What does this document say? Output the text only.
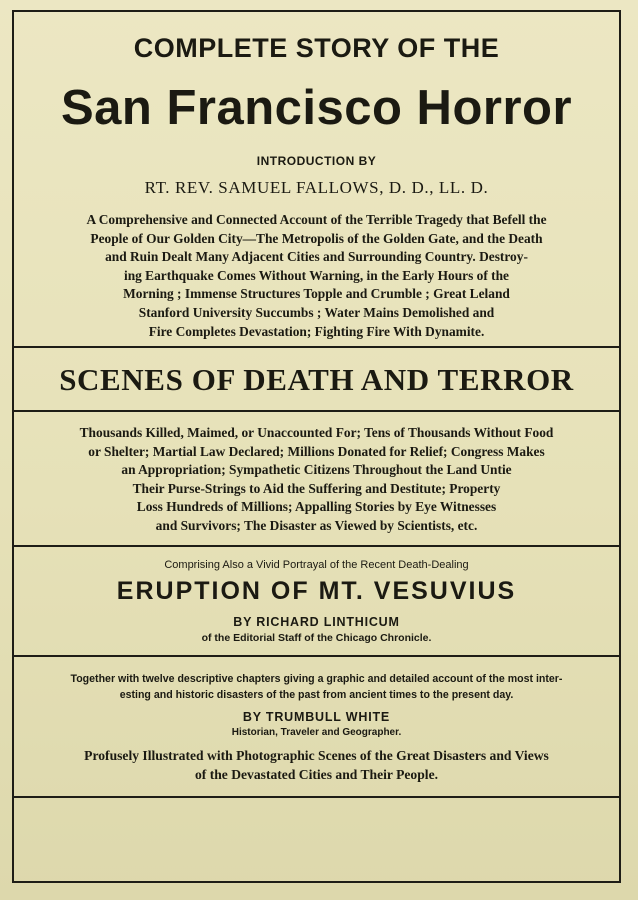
COMPLETE STORY OF THE
San Francisco Horror
INTRODUCTION BY
RT. REV. SAMUEL FALLOWS, D. D., LL. D.
A Comprehensive and Connected Account of the Terrible Tragedy that Befell the
People of Our Golden City—The Metropolis of the Golden Gate, and the Death
and Ruin Dealt Many Adjacent Cities and Surrounding Country. Destroy-
ing Earthquake Comes Without Warning, in the Early Hours of the
Morning ; Immense Structures Topple and Crumble ; Great Leland
Stanford University Succumbs ; Water Mains Demolished and
Fire Completes Devastation; Fighting Fire With Dynamite.
SCENES OF DEATH AND TERROR
Thousands Killed, Maimed, or Unaccounted For; Tens of Thousands Without Food
or Shelter; Martial Law Declared; Millions Donated for Relief; Congress Makes
an Appropriation; Sympathetic Citizens Throughout the Land Untie
Their Purse-Strings to Aid the Suffering and Destitute; Property
Loss Hundreds of Millions; Appalling Stories by Eye Witnesses
and Survivors; The Disaster as Viewed by Scientists, etc.
Comprising Also a Vivid Portrayal of the Recent Death-Dealing
ERUPTION OF MT. VESUVIUS
BY RICHARD LINTHICUM
of the Editorial Staff of the Chicago Chronicle.
Together with twelve descriptive chapters giving a graphic and detailed account of the most inter-
esting and historic disasters of the past from ancient times to the present day.
BY TRUMBULL WHITE
Historian, Traveler and Geographer.
Profusely Illustrated with Photographic Scenes of the Great Disasters and Views
of the Devastated Cities and Their People.
